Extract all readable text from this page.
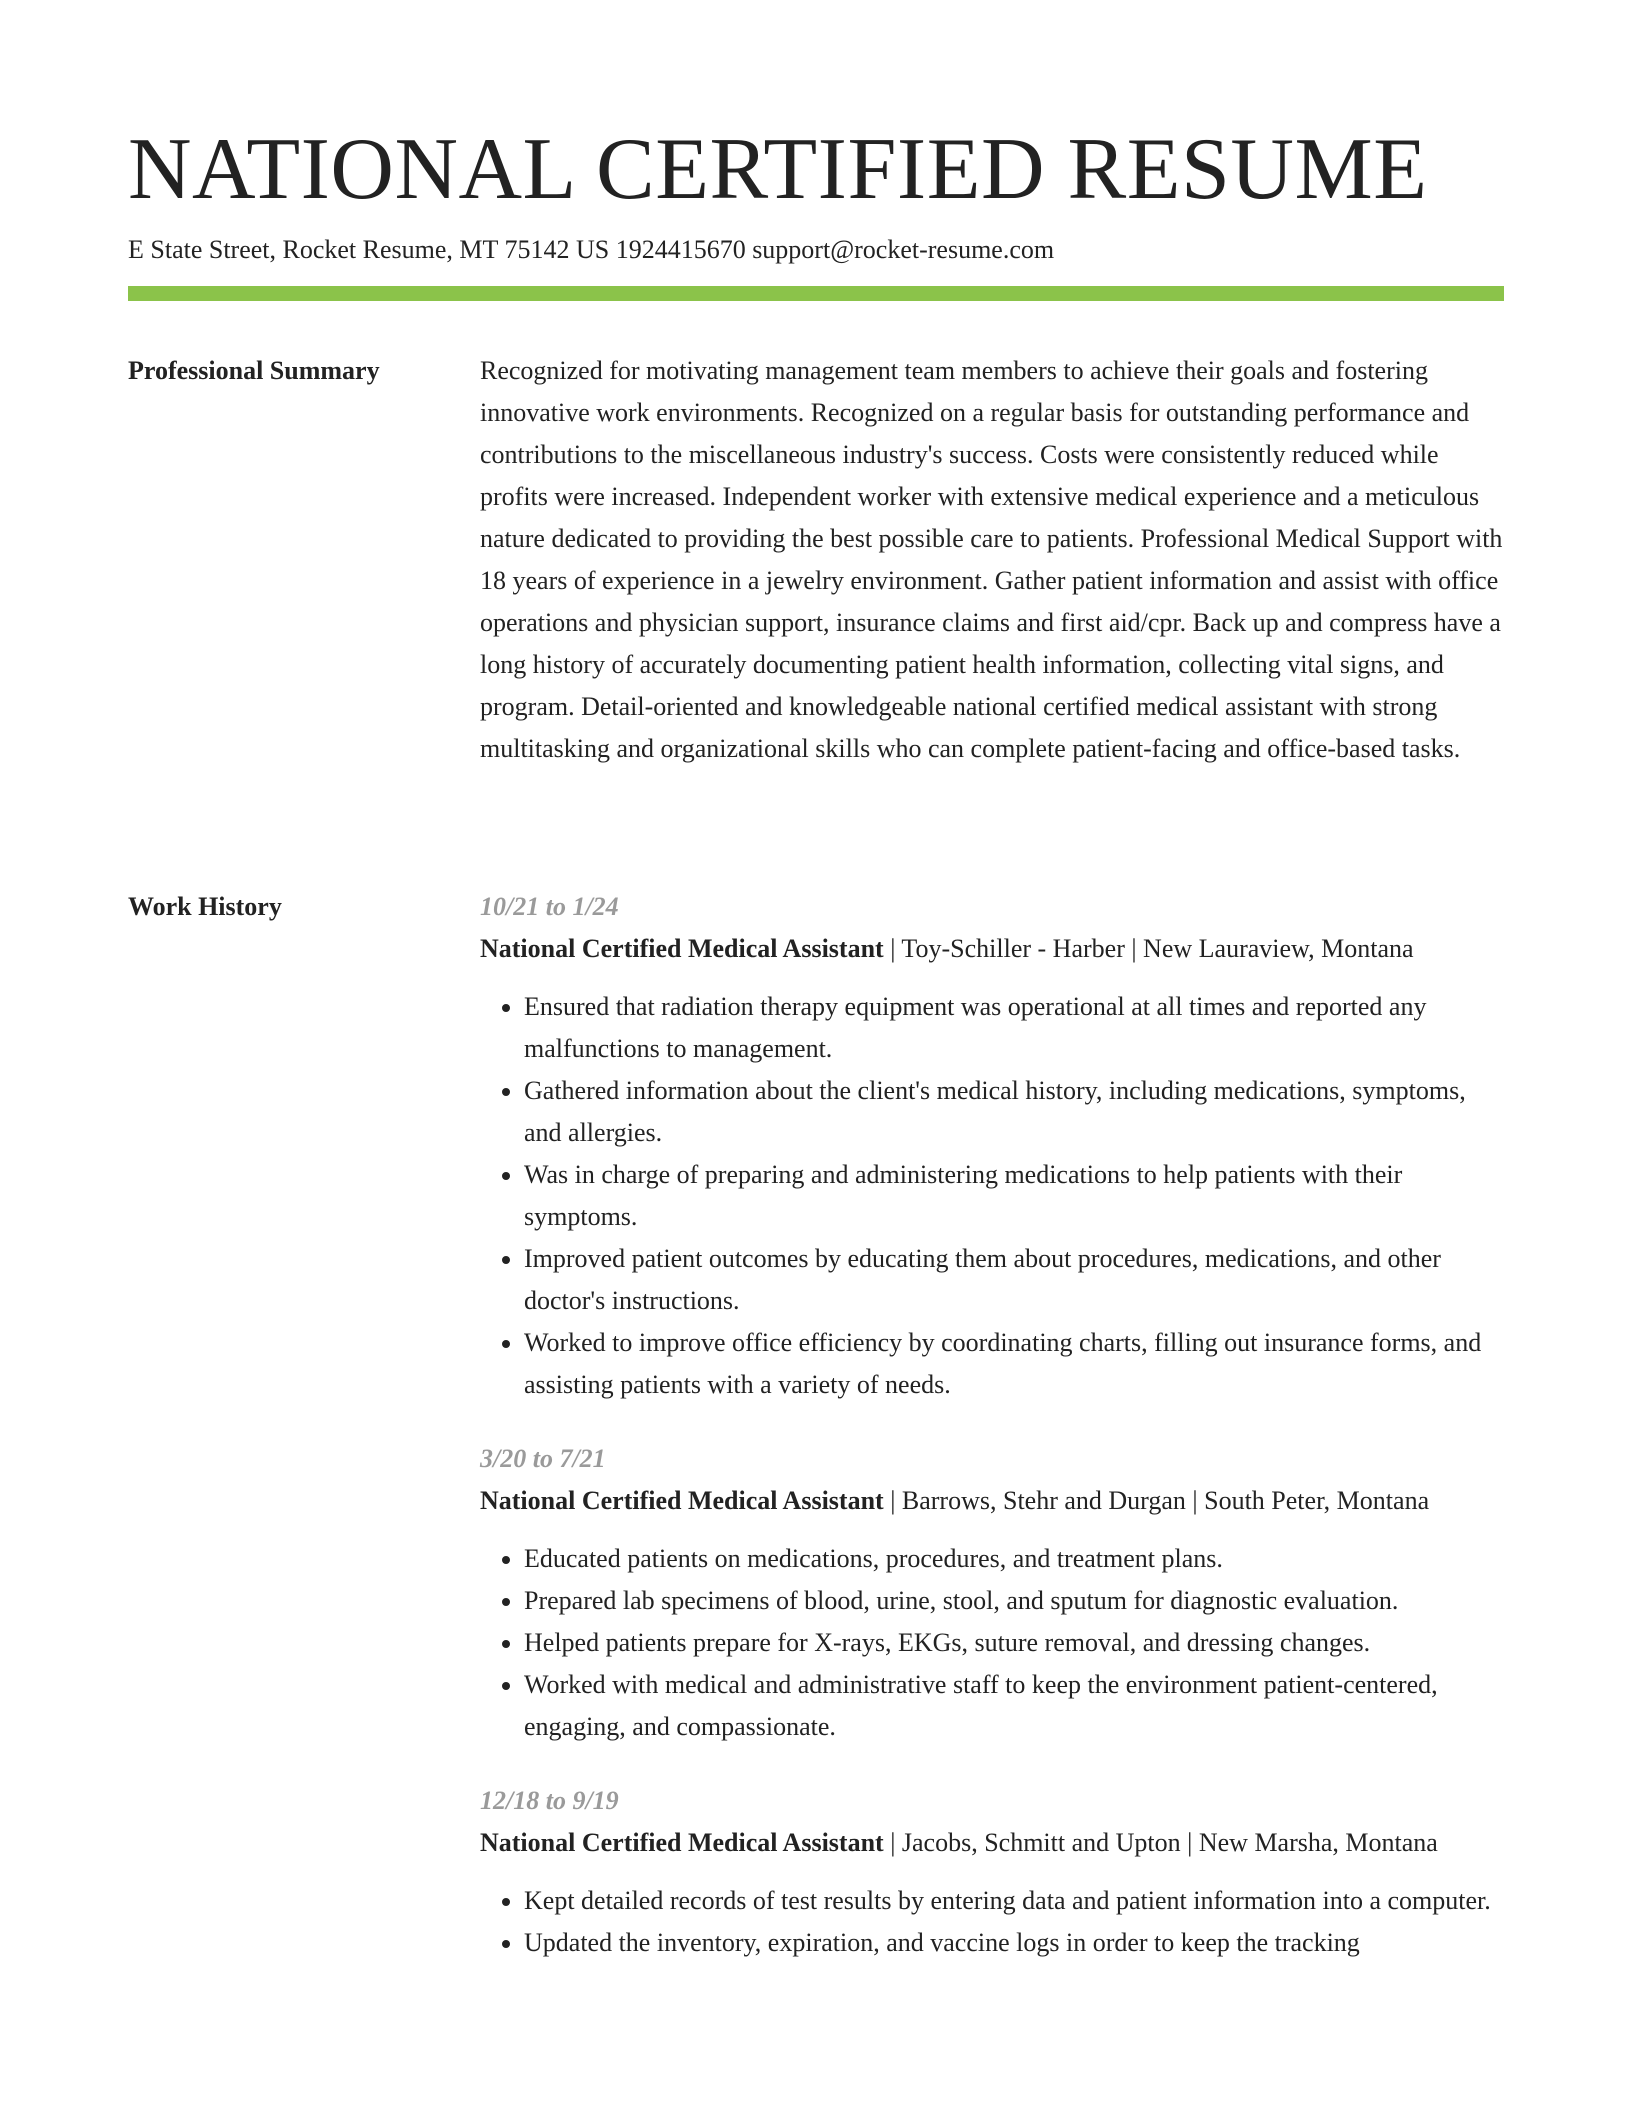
NATIONAL CERTIFIED RESUME
E State Street, Rocket Resume, MT 75142 US 1924415670 support@rocket-resume.com
Professional Summary	Recognized for motivating management team members to achieve their goals and fostering innovative work environments. Recognized on a regular basis for outstanding performance and contributions to the miscellaneous industry's success. Costs were consistently reduced while profits were increased. Independent worker with extensive medical experience and a meticulous nature dedicated to providing the best possible care to patients. Professional Medical Support with 18 years of experience in a jewelry environment. Gather patient information and assist with office operations and physician support, insurance claims and first aid/cpr. Back up and compress have a long history of accurately documenting patient health information, collecting vital signs, and program. Detail-oriented and knowledgeable national certified medical assistant with strong multitasking and organizational skills who can complete patient-facing and office-based tasks.

Work History	10/21 to 1/24
National Certified Medical Assistant | Toy-Schiller - Harber | New Lauraview, Montana
• Ensured that radiation therapy equipment was operational at all times and reported any malfunctions to management.
• Gathered information about the client's medical history, including medications, symptoms, and allergies.
• Was in charge of preparing and administering medications to help patients with their symptoms.
• Improved patient outcomes by educating them about procedures, medications, and other doctor's instructions.
• Worked to improve office efficiency by coordinating charts, filling out insurance forms, and assisting patients with a variety of needs.
3/20 to 7/21
National Certified Medical Assistant | Barrows, Stehr and Durgan | South Peter, Montana
• Educated patients on medications, procedures, and treatment plans.
• Prepared lab specimens of blood, urine, stool, and sputum for diagnostic evaluation.
• Helped patients prepare for X-rays, EKGs, suture removal, and dressing changes.
• Worked with medical and administrative staff to keep the environment patient-centered, engaging, and compassionate.
12/18 to 9/19
National Certified Medical Assistant | Jacobs, Schmitt and Upton | New Marsha, Montana
• Kept detailed records of test results by entering data and patient information into a computer.
• Updated the inventory, expiration, and vaccine logs in order to keep the tracking
